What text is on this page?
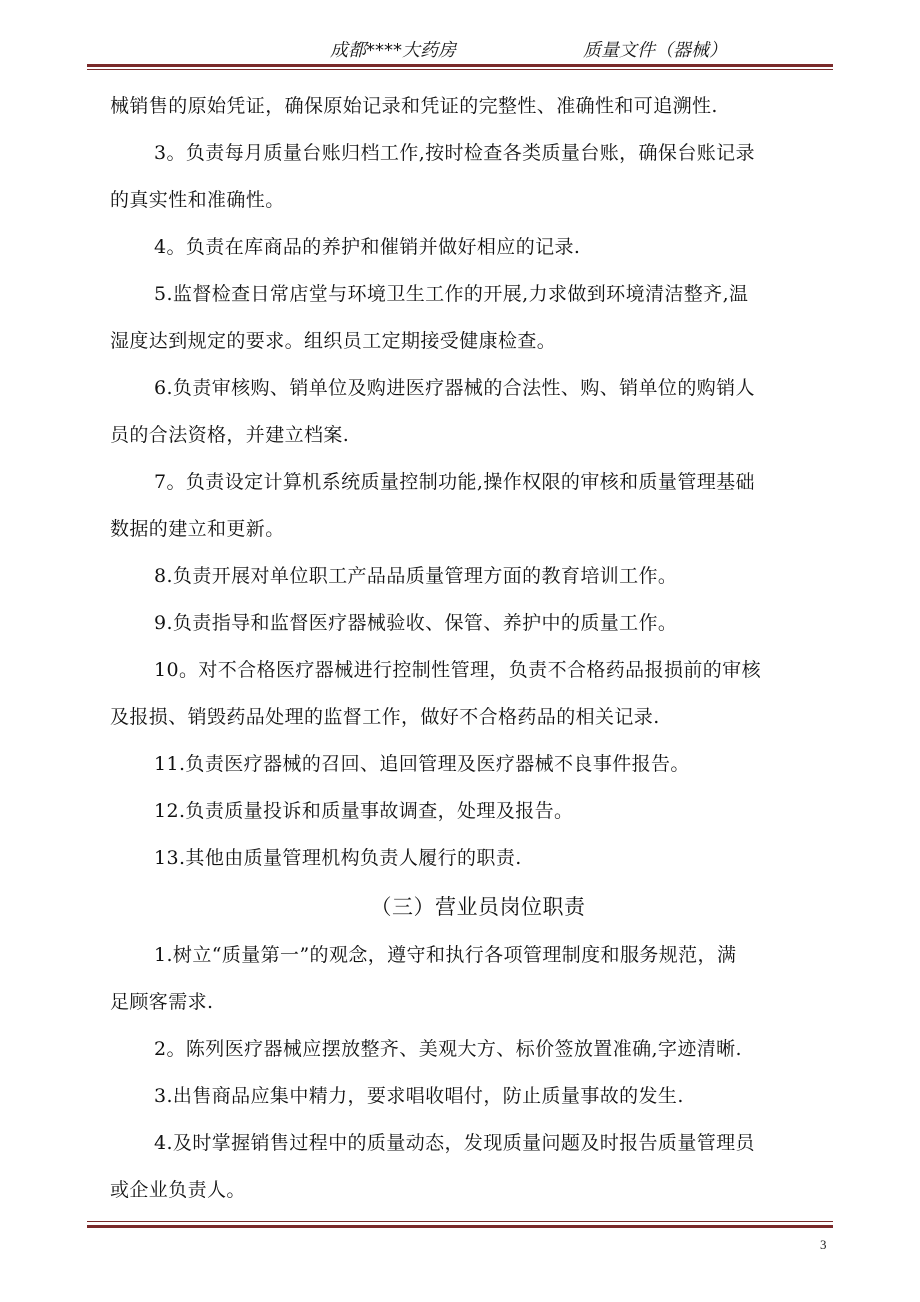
成都****大药房	质量文件（器械）

械销售的原始凭证，确保原始记录和凭证的完整性、准确性和可追溯性.

3。负责每月质量台账归档工作,按时检查各类质量台账，确保台账记录

的真实性和准确性。

4。负责在库商品的养护和催销并做好相应的记录.

5.监督检查日常店堂与环境卫生工作的开展,力求做到环境清洁整齐,温

湿度达到规定的要求。组织员工定期接受健康检查。

6.负责审核购、销单位及购进医疗器械的合法性、购、销单位的购销人

员的合法资格，并建立档案.

7。负责设定计算机系统质量控制功能,操作权限的审核和质量管理基础

数据的建立和更新。

8.负责开展对单位职工产品品质量管理方面的教育培训工作。

9.负责指导和监督医疗器械验收、保管、养护中的质量工作。

10。对不合格医疗器械进行控制性管理，负责不合格药品报损前的审核

及报损、销毁药品处理的监督工作，做好不合格药品的相关记录.

11.负责医疗器械的召回、追回管理及医疗器械不良事件报告。

12.负责质量投诉和质量事故调查，处理及报告。

13.其他由质量管理机构负责人履行的职责.

（三）营业员岗位职责

1.树立“质量第一”的观念，遵守和执行各项管理制度和服务规范，满

足顾客需求.

2。陈列医疗器械应摆放整齐、美观大方、标价签放置准确,字迹清晰.

3.出售商品应集中精力，要求唱收唱付，防止质量事故的发生.

4.及时掌握销售过程中的质量动态，发现质量问题及时报告质量管理员

或企业负责人。

3
